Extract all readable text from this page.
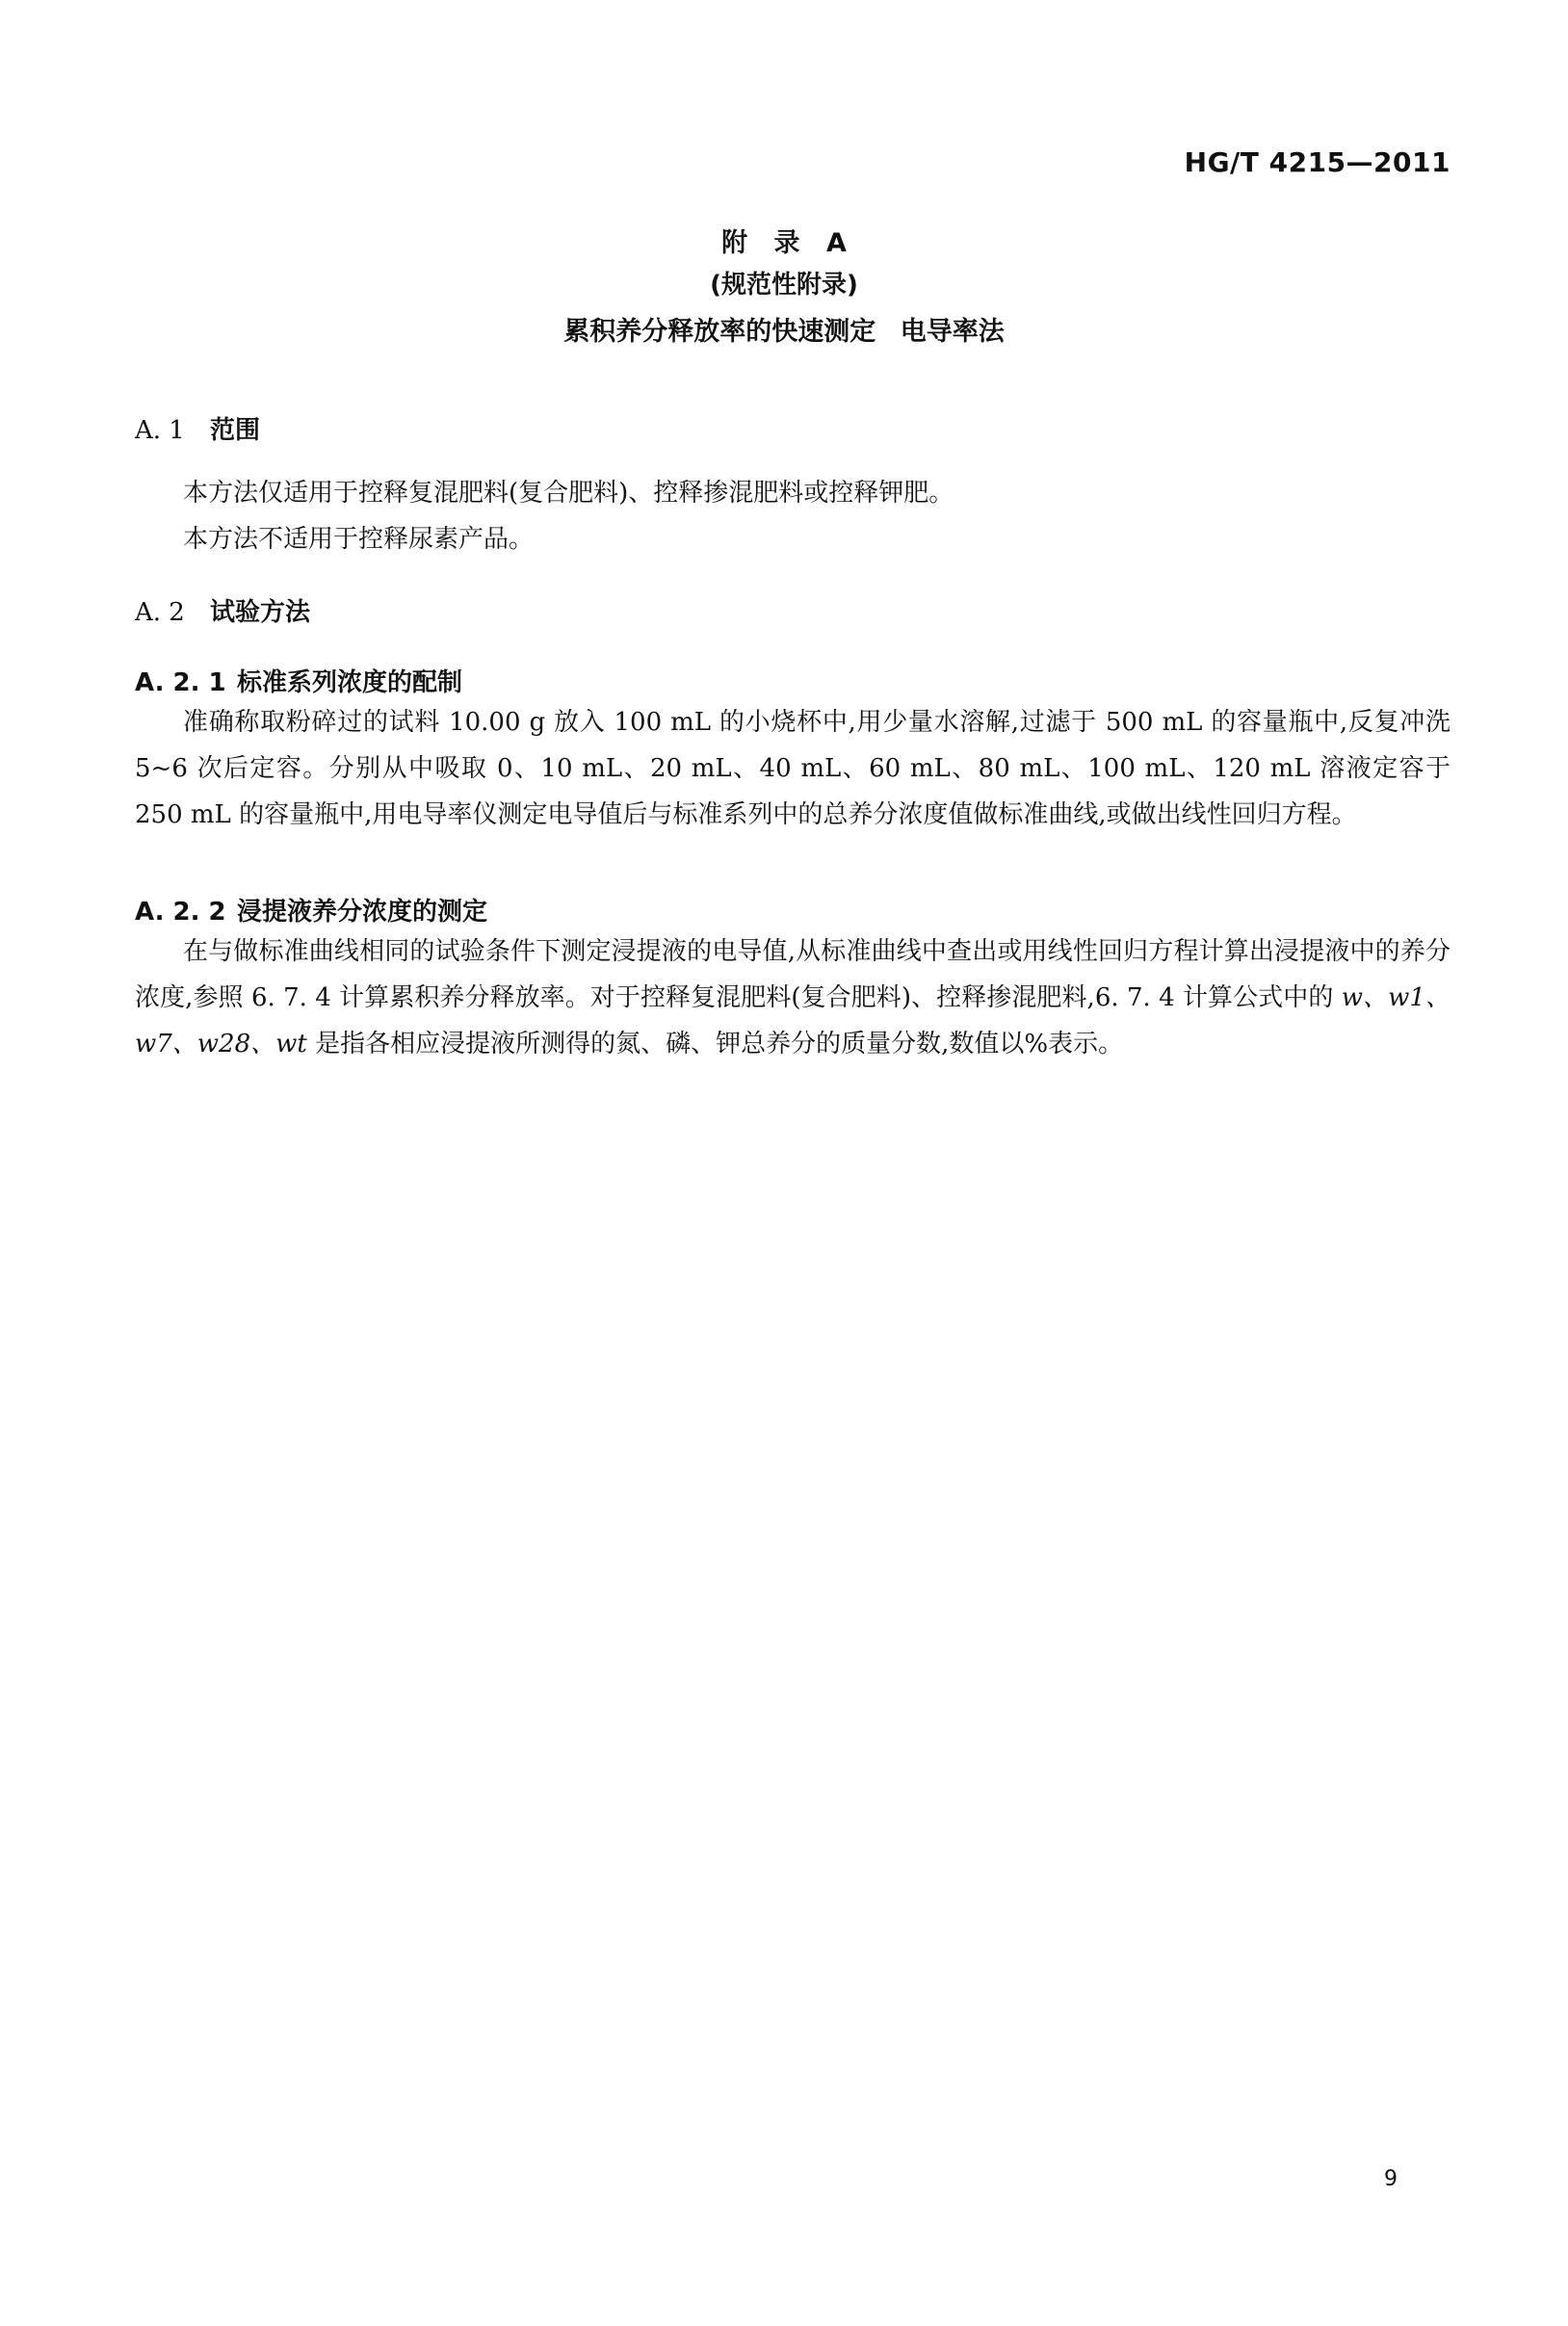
HG/T 4215—2011
附 录 A
(规范性附录)
累积养分释放率的快速测定 电导率法
A. 1 范围
本方法仅适用于控释复混肥料(复合肥料)、控释掺混肥料或控释钾肥。
本方法不适用于控释尿素产品。
A. 2 试验方法
A. 2. 1 标准系列浓度的配制
准确称取粉碎过的试料 10.00 g 放入 100 mL 的小烧杯中,用少量水溶解,过滤于 500 mL 的容量瓶中,反复冲洗 5~6 次后定容。分别从中吸取 0、10 mL、20 mL、40 mL、60 mL、80 mL、100 mL、120 mL 溶液定容于 250 mL 的容量瓶中,用电导率仪测定电导值后与标准系列中的总养分浓度值做标准曲线,或做出线性回归方程。
A. 2. 2 浸提液养分浓度的测定
在与做标准曲线相同的试验条件下测定浸提液的电导值,从标准曲线中查出或用线性回归方程计算出浸提液中的养分浓度,参照 6. 7. 4 计算累积养分释放率。对于控释复混肥料(复合肥料)、控释掺混肥料,6. 7. 4 计算公式中的 w、w1、w7、w28、wt 是指各相应浸提液所测得的氮、磷、钾总养分的质量分数,数值以%表示。
9
